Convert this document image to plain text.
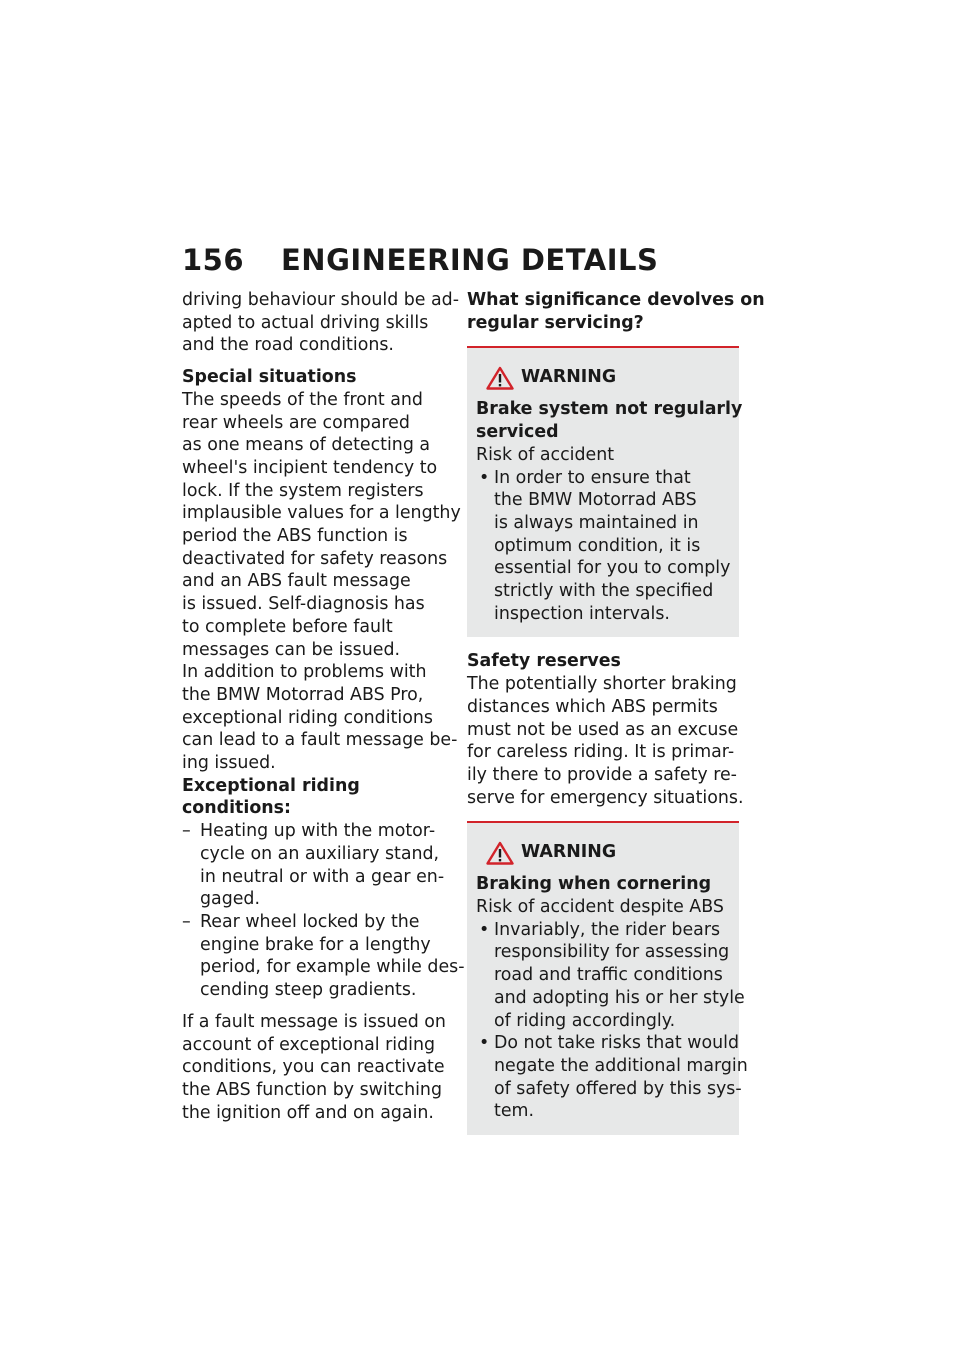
156 ENGINEERING DETAILS

driving behaviour should be ad-
apted to actual driving skills
and the road conditions.

Special situations

The speeds of the front and
rear wheels are compared
as one means of detecting a
wheel's incipient tendency to
lock. If the system registers
implausible values for a lengthy
period the ABS function is
deactivated for safety reasons
and an ABS fault message
is issued. Self-diagnosis has
to complete before fault
messages can be issued.

In addition to problems with
the BMW Motorrad ABS Pro,
exceptional riding conditions
can lead to a fault message be-
ing issued.

Exceptional riding conditions:

– Heating up with the motor-
cycle on an auxiliary stand,
in neutral or with a gear en-
gaged.
– Rear wheel locked by the
engine brake for a lengthy
period, for example while des-
cending steep gradients.

If a fault message is issued on
account of exceptional riding
conditions, you can reactivate
the ABS function by switching
the ignition off and on again.

What significance devolves on
regular servicing?

WARNING

Brake system not regularly
serviced

Risk of accident

• In order to ensure that
the BMW Motorrad ABS
is always maintained in
optimum condition, it is
essential for you to comply
strictly with the specified
inspection intervals.

Safety reserves

The potentially shorter braking
distances which ABS permits
must not be used as an excuse
for careless riding. It is primar-
ily there to provide a safety re-
serve for emergency situations.

WARNING

Braking when cornering

Risk of accident despite ABS

• Invariably, the rider bears
responsibility for assessing
road and traffic conditions
and adopting his or her style
of riding accordingly.
• Do not take risks that would
negate the additional margin
of safety offered by this sys-
tem.
